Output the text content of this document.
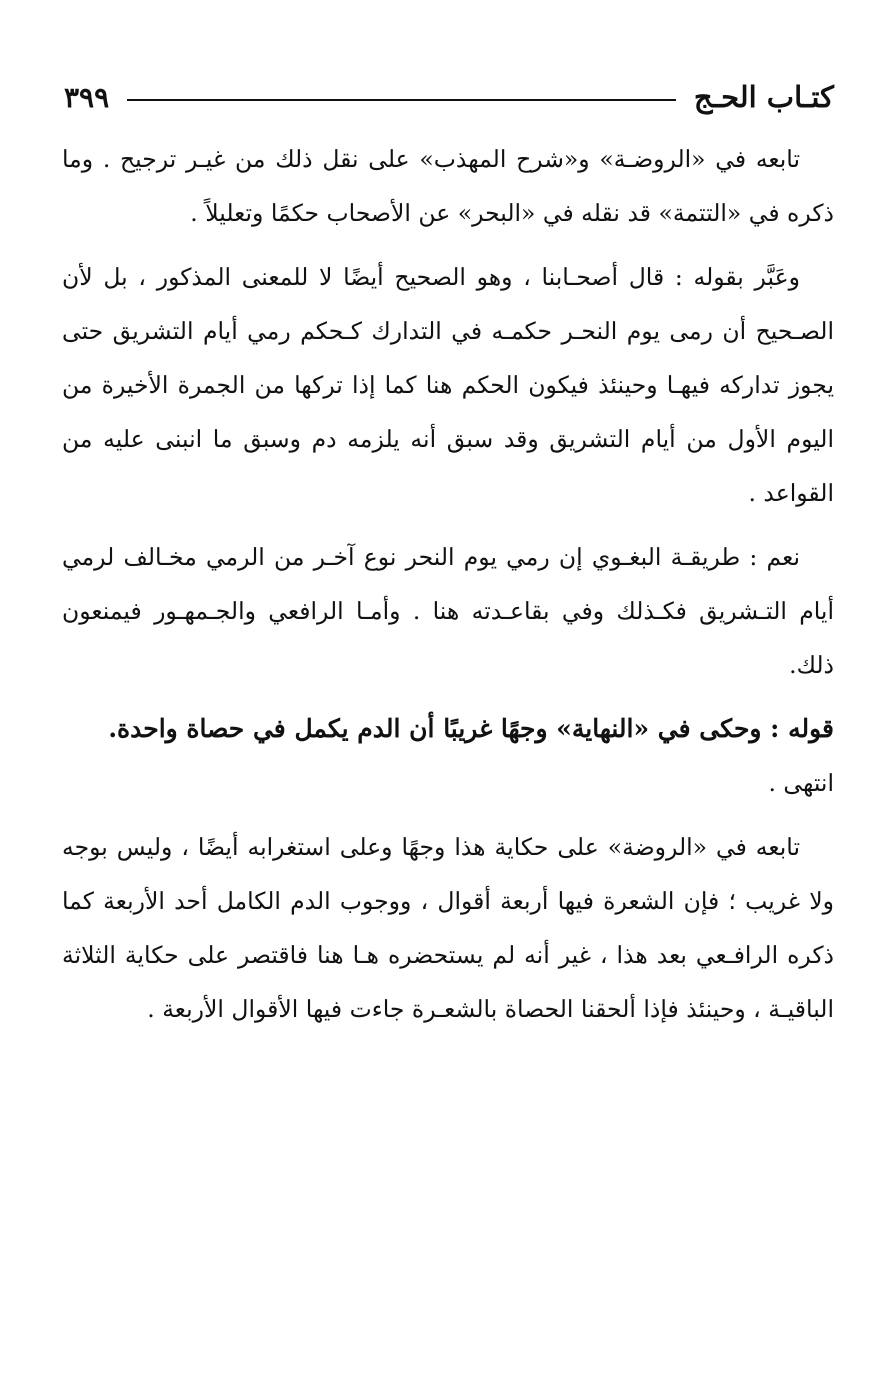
كتـاب الحـج
٣٩٩

تابعه في «الروضـة» و«شرح المهذب» على نقل ذلك من غيـر ترجيح . وما ذكره في «التتمة» قد نقله في «البحر» عن الأصحاب حكمًا وتعليلاً .

وعَبَّر بقوله : قال أصحـابنا ، وهو الصحيح أيضًا لا للمعنى المذكور ، بل لأن الصـحيح أن رمى يوم النحـر حكمـه في التدارك كـحكم رمي أيام التشريق حتى يجوز تداركه فيهـا وحينئذ فيكون الحكم هنا كما إذا تركها من الجمرة الأخيرة من اليوم الأول من أيام التشريق وقد سبق أنه يلزمه دم وسبق ما انبنى عليه من القواعد .

نعم : طريقـة البغـوي إن رمي يوم النحر نوع آخـر من الرمي مخـالف لرمي أيام التـشريق فكـذلك وفي بقاعـدته هنا . وأمـا الرافعي والجـمهـور فيمنعون ذلك.

قوله : وحكى في «النهاية» وجهًا غريبًا أن الدم يكمل في حصاة واحدة.
انتهى .

تابعه في «الروضة» على حكاية هذا وجهًا وعلى استغرابه أيضًا ، وليس بوجه ولا غريب ؛ فإن الشعرة فيها أربعة أقوال ، ووجوب الدم الكامل أحد الأربعة كما ذكره الرافـعي بعد هذا ، غير أنه لم يستحضره هـا هنا فاقتصر على حكاية الثلاثة الباقيـة ، وحينئذ فإذا ألحقنا الحصاة بالشعـرة جاءت فيها الأقوال الأربعة .
